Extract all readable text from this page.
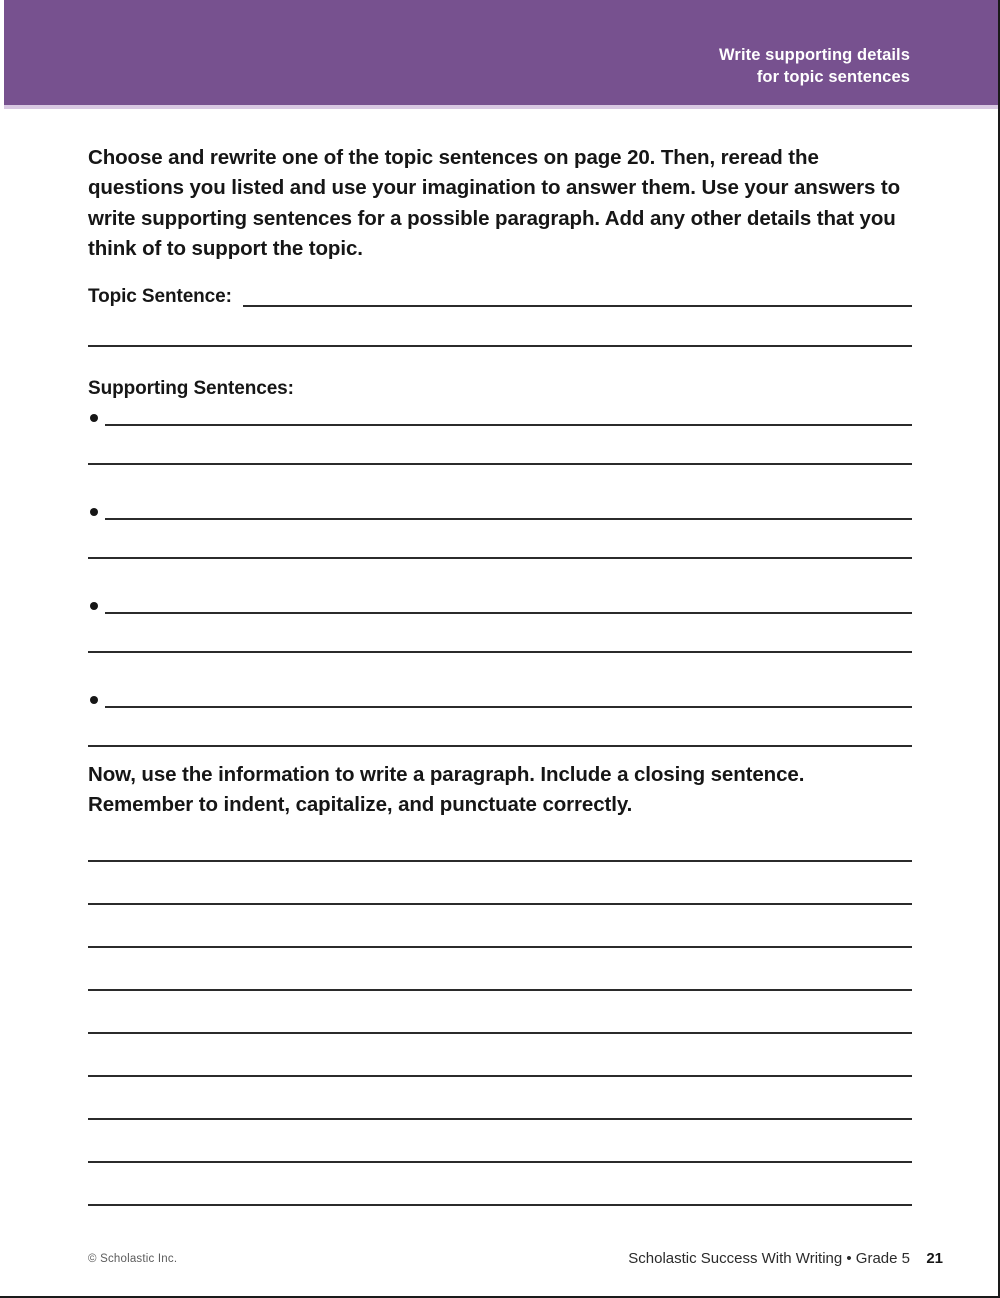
Write supporting details
for topic sentences
Choose and rewrite one of the topic sentences on page 20. Then, reread the questions you listed and use your imagination to answer them. Use your answers to write supporting sentences for a possible paragraph. Add any other details that you think of to support the topic.
Topic Sentence:
Supporting Sentences:
Now, use the information to write a paragraph. Include a closing sentence. Remember to indent, capitalize, and punctuate correctly.
© Scholastic Inc.	Scholastic Success With Writing • Grade 5 21
